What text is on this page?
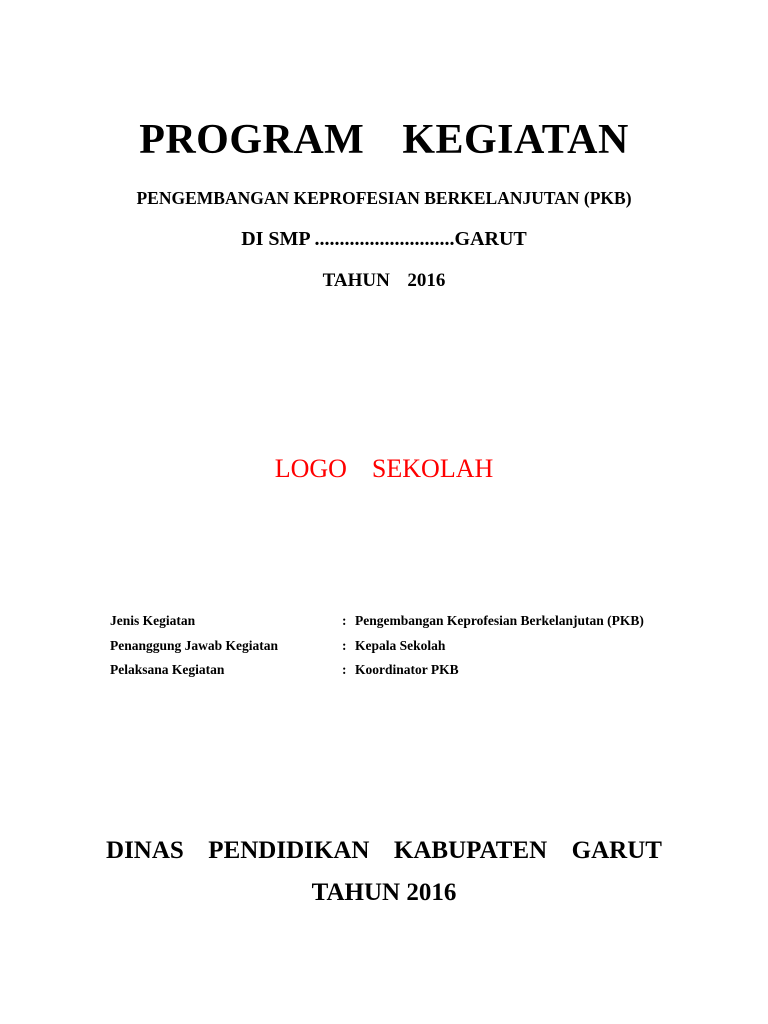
PROGRAM  KEGIATAN
PENGEMBANGAN KEPROFESIAN BERKELANJUTAN (PKB)
DI SMP ............................GARUT
TAHUN  2016
LOGO  SEKOLAH
Jenis Kegiatan	: Pengembangan Keprofesian Berkelanjutan (PKB)
Penanggung Jawab Kegiatan	: Kepala Sekolah
Pelaksana Kegiatan	: Koordinator PKB
DINAS  PENDIDIKAN  KABUPATEN  GARUT
TAHUN 2016
